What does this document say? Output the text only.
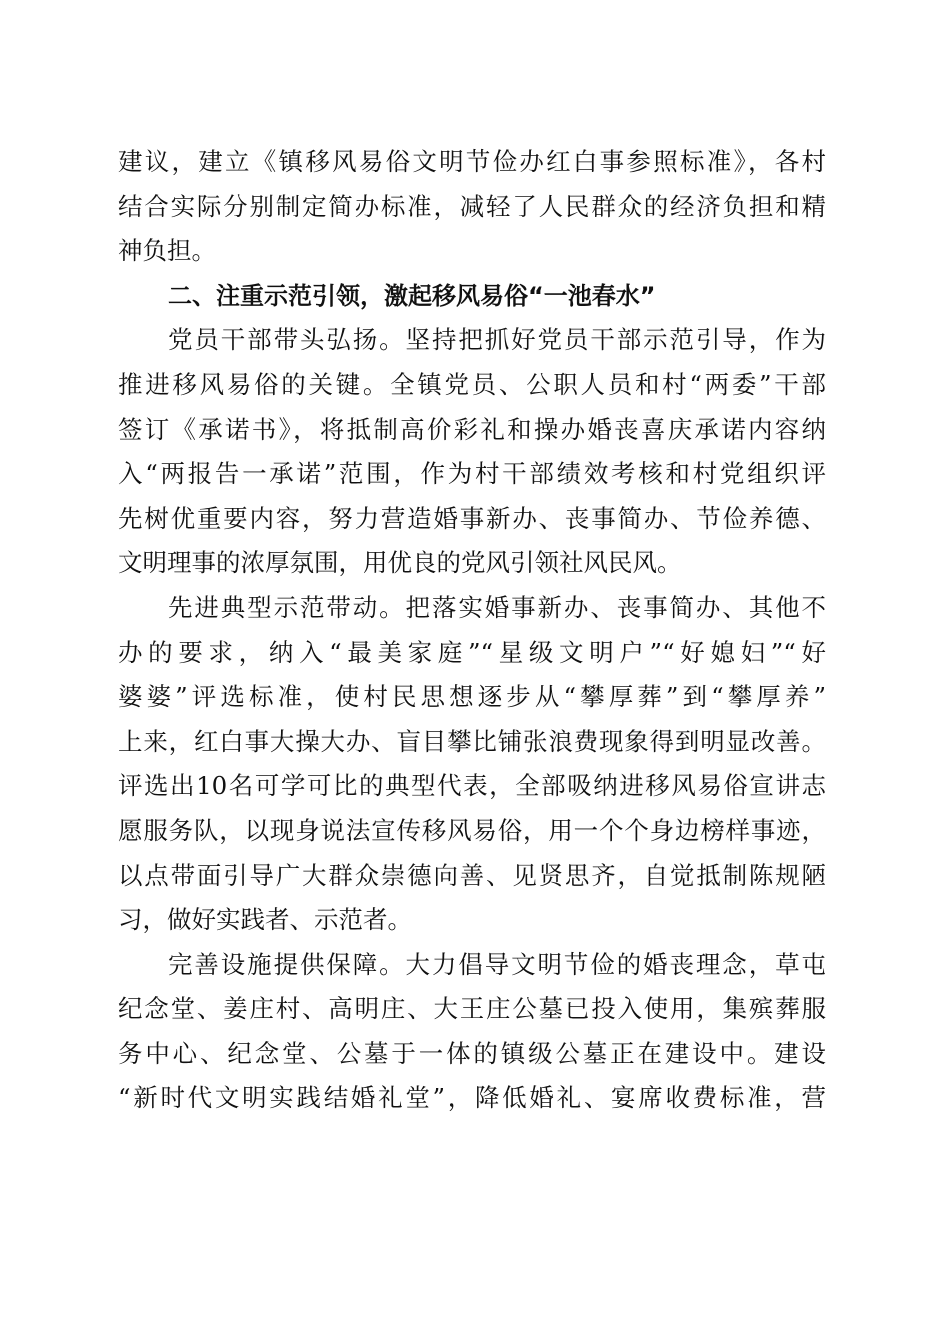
建议，建立《镇移风易俗文明节俭办红白事参照标准》，各村
结合实际分别制定简办标准，减轻了人民群众的经济负担和精
神负担。
二、注重示范引领，激起移风易俗“一池春水”
党员干部带头弘扬。坚持把抓好党员干部示范引导，作为
推进移风易俗的关键。全镇党员、公职人员和村“两委”干部
签订《承诺书》，将抵制高价彩礼和操办婚丧喜庆承诺内容纳
入“两报告一承诺”范围，作为村干部绩效考核和村党组织评
先树优重要内容，努力营造婚事新办、丧事简办、节俭养德、
文明理事的浓厚氛围，用优良的党风引领社风民风。
先进典型示范带动。把落实婚事新办、丧事简办、其他不
办的要求，纳入“最美家庭”“星级文明户”“好媳妇”“好
婆婆”评选标准，使村民思想逐步从“攀厚葬”到“攀厚养”
上来，红白事大操大办、盲目攀比铺张浪费现象得到明显改善。
评选出10名可学可比的典型代表，全部吸纳进移风易俗宣讲志
愿服务队，以现身说法宣传移风易俗，用一个个身边榜样事迹，
以点带面引导广大群众崇德向善、见贤思齐，自觉抵制陈规陋
习，做好实践者、示范者。
完善设施提供保障。大力倡导文明节俭的婚丧理念，草屯
纪念堂、姜庄村、高明庄、大王庄公墓已投入使用，集殡葬服
务中心、纪念堂、公墓于一体的镇级公墓正在建设中。建设
“新时代文明实践结婚礼堂”，降低婚礼、宴席收费标准，营
